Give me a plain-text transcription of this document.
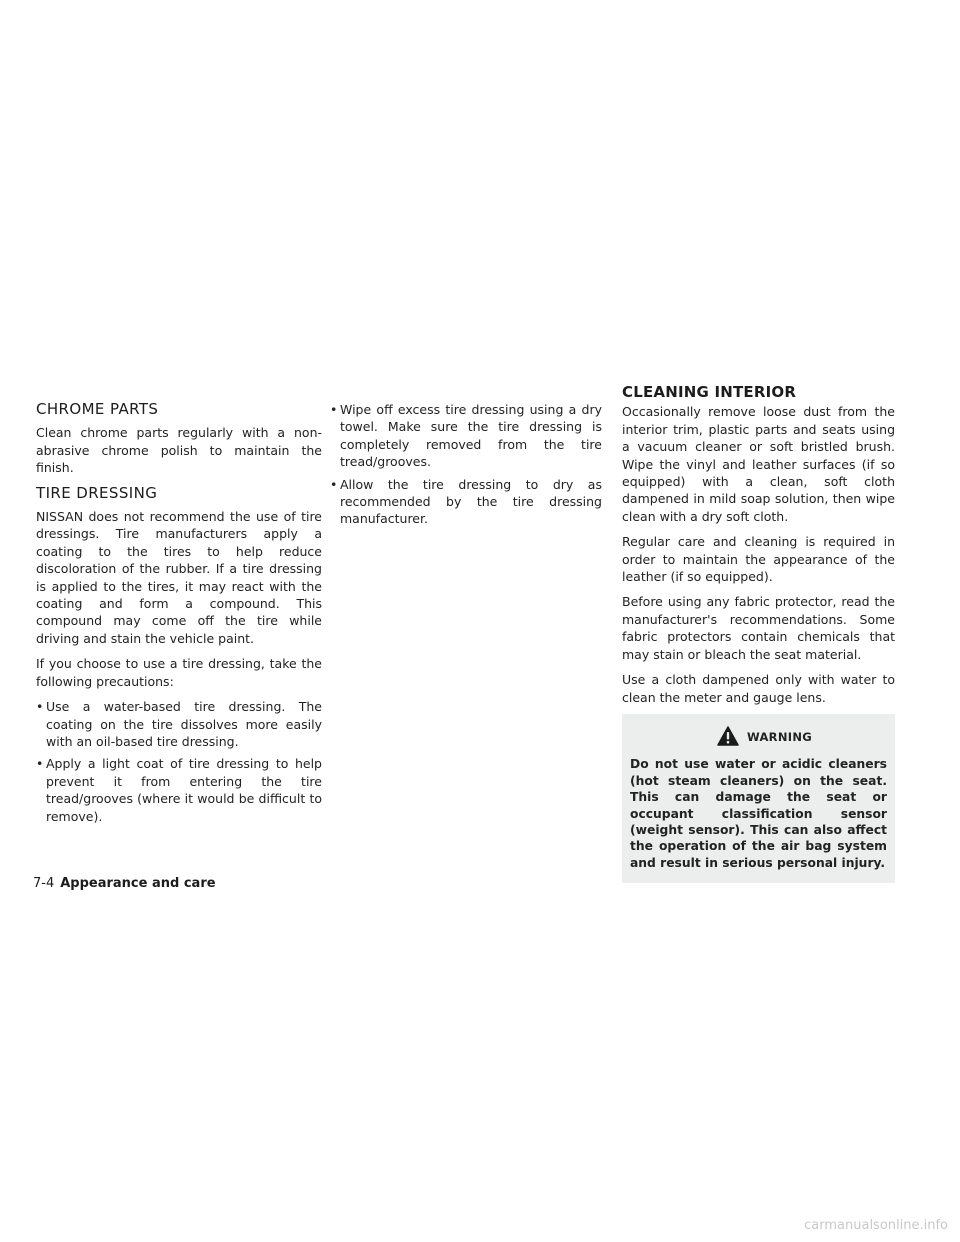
CHROME PARTS

Clean chrome parts regularly with a non-abrasive chrome polish to maintain the finish.

TIRE DRESSING

NISSAN does not recommend the use of tire dressings. Tire manufacturers apply a coating to the tires to help reduce discoloration of the rubber. If a tire dressing is applied to the tires, it may react with the coating and form a compound. This compound may come off the tire while driving and stain the vehicle paint.

If you choose to use a tire dressing, take the following precautions:

• Use a water-based tire dressing. The coating on the tire dissolves more easily with an oil-based tire dressing.
• Apply a light coat of tire dressing to help prevent it from entering the tire tread/grooves (where it would be difficult to remove).
• Wipe off excess tire dressing using a dry towel. Make sure the tire dressing is completely removed from the tire tread/grooves.
• Allow the tire dressing to dry as recommended by the tire dressing manufacturer.
CLEANING INTERIOR

Occasionally remove loose dust from the interior trim, plastic parts and seats using a vacuum cleaner or soft bristled brush. Wipe the vinyl and leather surfaces (if so equipped) with a clean, soft cloth dampened in mild soap solution, then wipe clean with a dry soft cloth.

Regular care and cleaning is required in order to maintain the appearance of the leather (if so equipped).

Before using any fabric protector, read the manufacturer's recommendations. Some fabric protectors contain chemicals that may stain or bleach the seat material.

Use a cloth dampened only with water to clean the meter and gauge lens.

WARNING

Do not use water or acidic cleaners (hot steam cleaners) on the seat. This can damage the seat or occupant classification sensor (weight sensor). This can also affect the operation of the air bag system and result in serious personal injury.

7-4 Appearance and care
carmanualsonline.info
